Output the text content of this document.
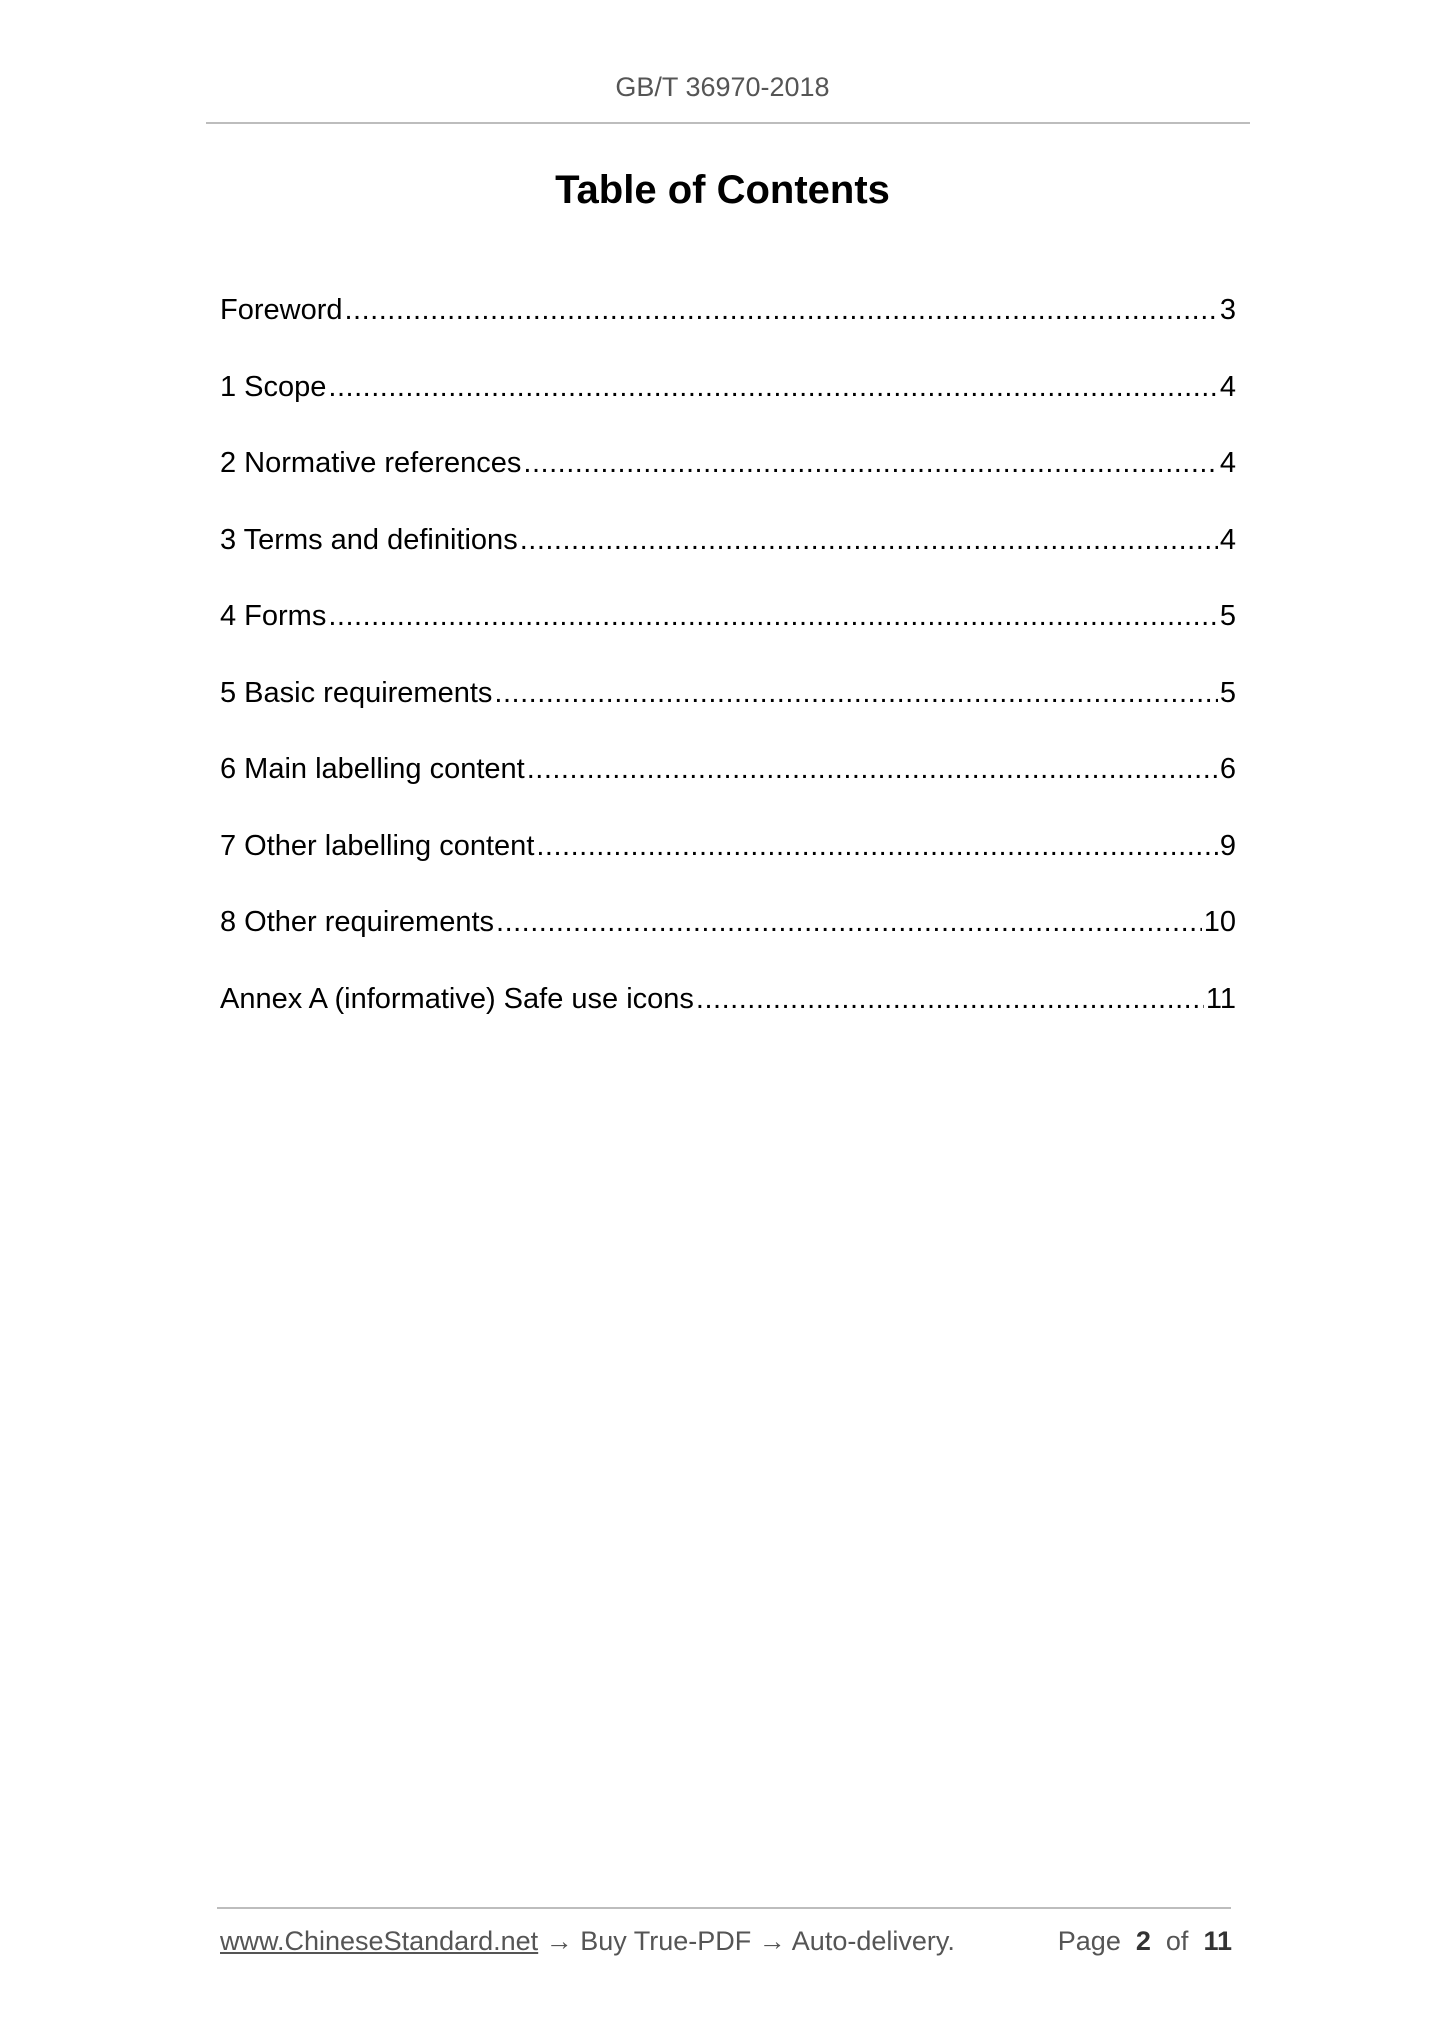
GB/T 36970-2018
Table of Contents
Foreword .....	3
1 Scope .....	4
2 Normative references .....	4
3 Terms and definitions .....	4
4 Forms .....	5
5 Basic requirements .....	5
6 Main labelling content .....	6
7 Other labelling content .....	9
8 Other requirements .....	10
Annex A (informative) Safe use icons .....	11
www.ChineseStandard.net → Buy True-PDF → Auto-delivery.	Page 2 of 11
